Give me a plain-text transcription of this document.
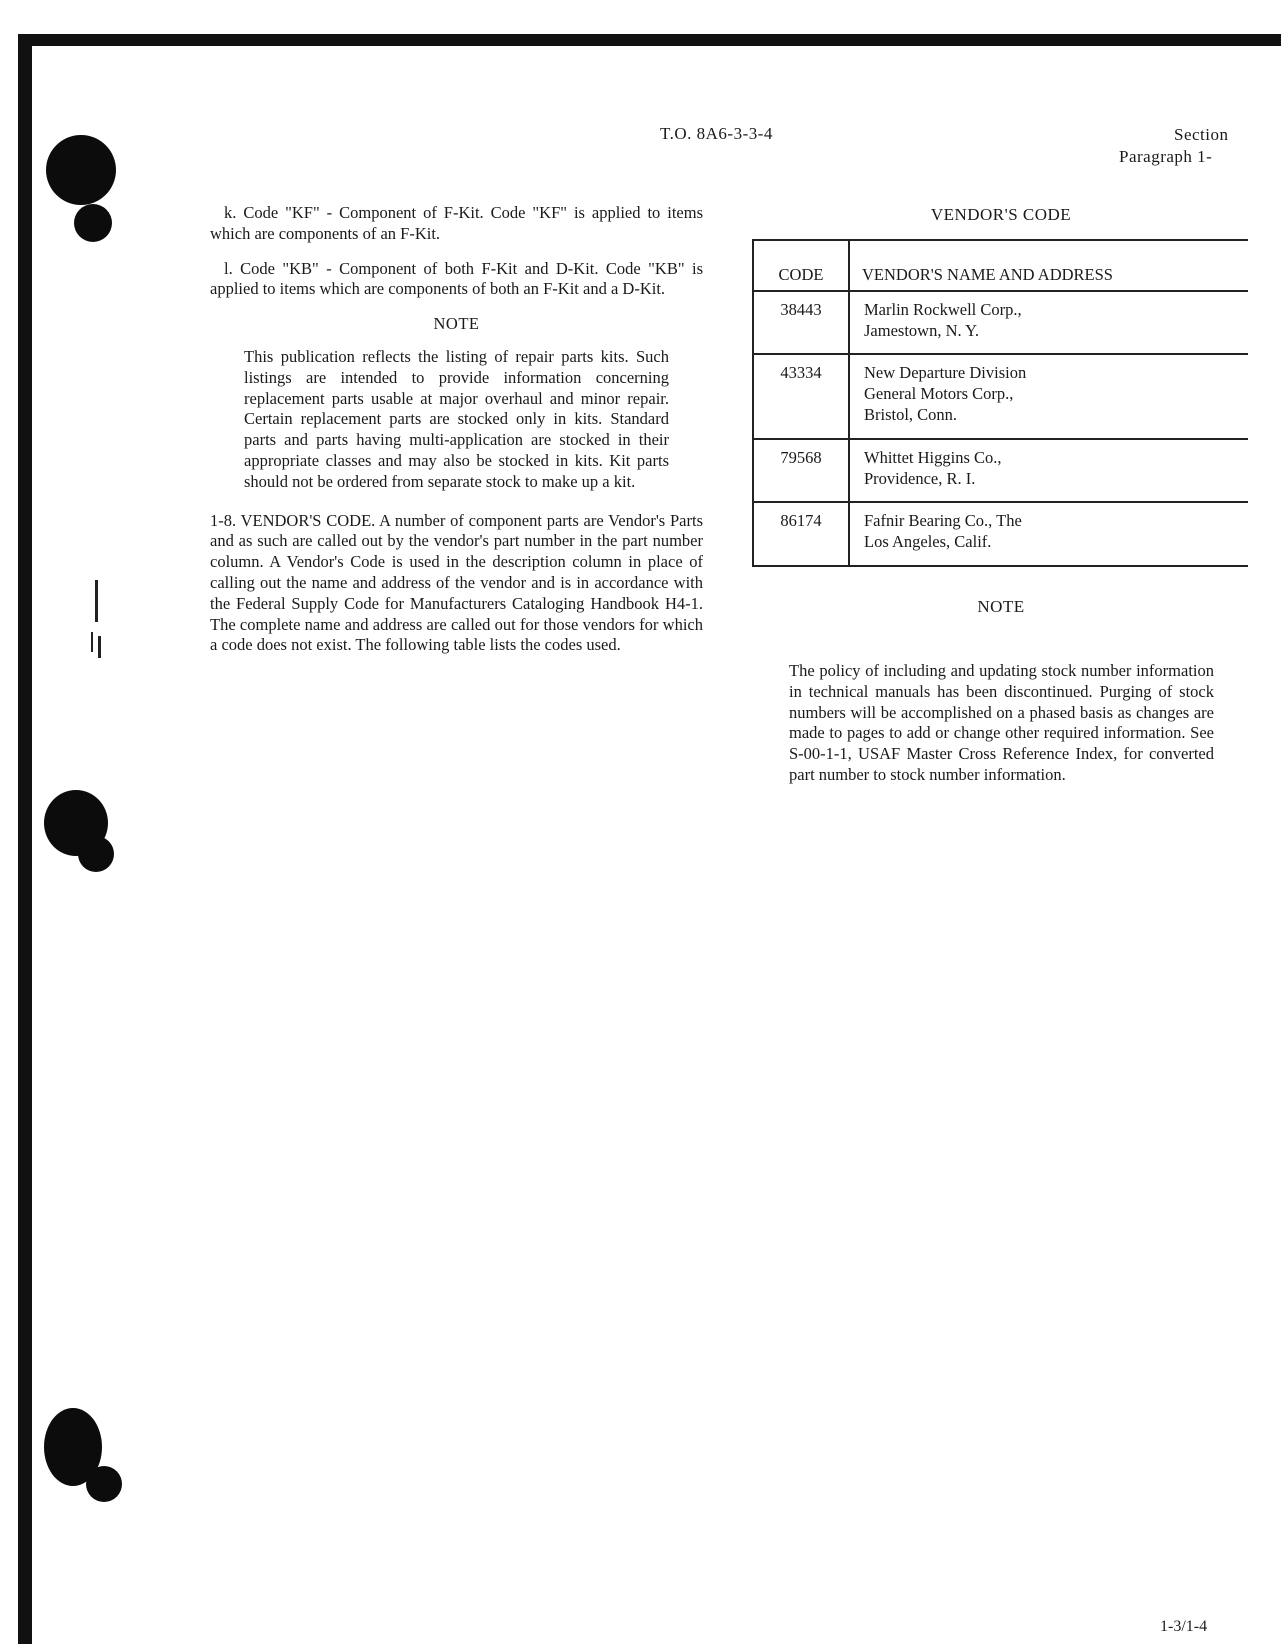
T.O. 8A6-3-3-4	Section
Paragraph 1-

k. Code "KF" - Component of F-Kit. Code "KF" is applied to items which are components of an F-Kit.

l. Code "KB" - Component of both F-Kit and D-Kit. Code "KB" is applied to items which are components of both an F-Kit and a D-Kit.

NOTE
This publication reflects the listing of repair parts kits. Such listings are intended to provide information concerning replacement parts usable at major overhaul and minor repair. Certain replacement parts are stocked only in kits. Standard parts and parts having multi-application are stocked in their appropriate classes and may also be stocked in kits. Kit parts should not be ordered from separate stock to make up a kit.

1-8. VENDOR'S CODE. A number of component parts are Vendor's Parts and as such are called out by the vendor's part number in the part number column. A Vendor's Code is used in the description column in place of calling out the name and address of the vendor and is in accordance with the Federal Supply Code for Manufacturers Cataloging Handbook H4-1. The complete name and address are called out for those vendors for which a code does not exist. The following table lists the codes used.

VENDOR'S CODE
CODE	VENDOR'S NAME AND ADDRESS
38443	Marlin Rockwell Corp.,
Jamestown, N. Y.

43334	New Departure Division
General Motors Corp.,
Bristol, Conn.

79568	Whittet Higgins Co.,
Providence, R. I.

86174	Fafnir Bearing Co., The
Los Angeles, Calif.
NOTE
The policy of including and updating stock number information in technical manuals has been discontinued. Purging of stock numbers will be accomplished on a phased basis as changes are made to pages to add or change other required information. See S-00-1-1, USAF Master Cross Reference Index, for converted part number to stock number information.
1-3/1-4
